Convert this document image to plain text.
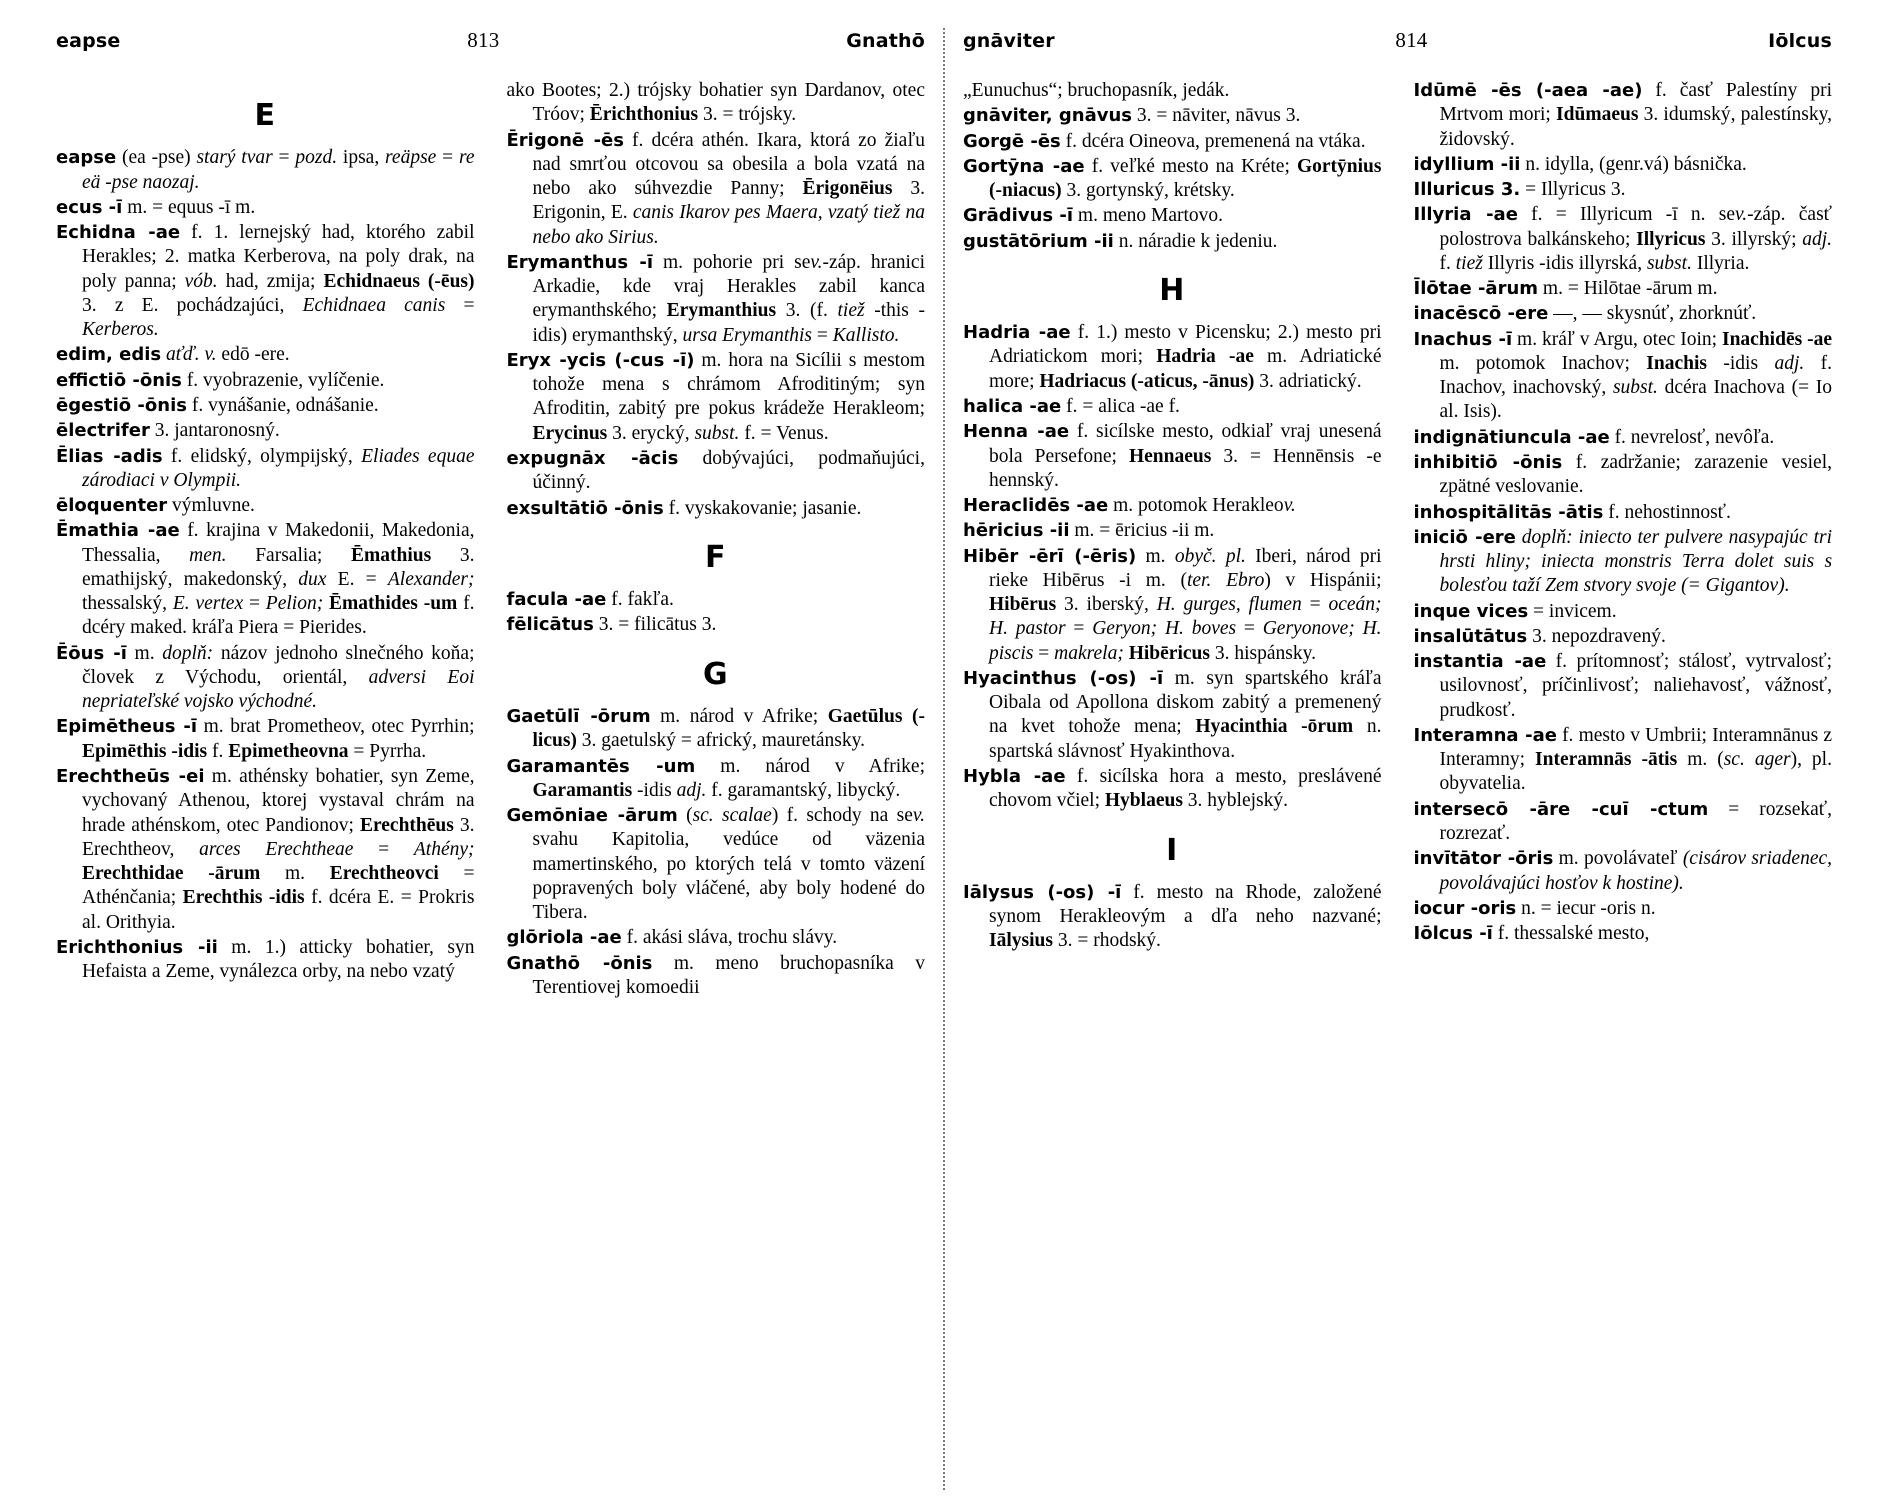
eapse	813	Gnathō
E

eapse (ea -pse) starý tvar = pozd. ipsa, reäpse = re eä -pse naozaj.

ecus -ī m. = equus -ī m.

Echidna -ae f. 1. lernejský had, ktorého zabil Herakles; 2. matka Kerberova, na poly drak, na poly panna; vób. had, zmija; Echidnaeus (-ēus) 3. z E. pochádzajúci, Echidnaea canis = Kerberos.

edim, edis aťď. v. edō -ere.

effictiō -ōnis f. vyobrazenie, vylíčenie.

ēgestiō -ōnis f. vynášanie, odnášanie.

ēlectrifer 3. jantaronosný.

Ēlias -adis f. elidský, olympijský, Eliades equae zárodiaci v Olympii.

ēloquenter výmluvne.

Ēmathia -ae f. krajina v Makedonii, Makedonia, Thessalia, men. Farsalia; Ēmathius 3. emathijský, makedonský, dux E. = Alexander; thessalský, E. vertex = Pelion; Ēmathides -um f. dcéry maked. kráľa Piera = Pierides.

Ēōus -ī m. doplň: názov jednoho slnečného koňa; človek z Východu, orientál, adversi Eoi nepriateľské vojsko východné.

Epimētheus -ī m. brat Prometheov, otec Pyrrhin; Epimēthis -idis f. Epimetheovna = Pyrrha.

Erechtheūs -ei m. athénsky bohatier, syn Zeme, vychovaný Athenou, ktorej vystaval chrám na hrade athénskom, otec Pandionov; Erechthēus 3. Erechtheov, arces Erechtheae = Athény; Erechthidae -ārum m. Erechtheovci = Athénčania; Erechthis -idis f. dcéra E. = Prokris al. Orithyia.

Erichthonius -ii m. 1.) atticky bohatier, syn Hefaista a Zeme, vynálezca orby, na nebo vzatý

ako Bootes; 2.) trójsky bohatier syn Dardanov, otec Tróov; Ērichthonius 3. = trójsky.

Ērigonē -ēs f. dcéra athén. Ikara, ktorá zo žiaľu nad smrťou otcovou sa obesila a bola vzatá na nebo ako súhvezdie Panny; Ērigonēius 3. Erigonin, E. canis Ikarov pes Maera, vzatý tiež na nebo ako Sirius.

Erymanthus -ī m. pohorie pri sev.-záp. hranici Arkadie, kde vraj Herakles zabil kanca erymanthského; Erymanthius 3. (f. tiež -this -idis) erymanthský, ursa Erymanthis = Kallisto.

Eryx -ycis (-cus -ī) m. hora na Sicílii s mestom tohože mena s chrámom Afroditiným; syn Afroditin, zabitý pre pokus krádeže Herakleom; Erycinus 3. erycký, subst. f. = Venus.

expugnāx -ācis dobývajúci, podmaňujúci, účinný.

exsultātiō -ōnis f. vyskakovanie; jasanie.

F

facula -ae f. fakľa.

fēlicātus 3. = filicātus 3.

G

Gaetūlī -ōrum m. národ v Afrike; Gaetūlus (-licus) 3. gaetulský = africký, mauretánsky.

Garamantēs -um m. národ v Afrike; Garamantis -idis adj. f. garamantský, libycký.

Gemōniae -ārum (sc. scalae) f. schody na sev. svahu Kapitolia, vedúce od väzenia mamertinského, po ktorých telá v tomto väzení popravených boly vláčené, aby boly hodené do Tibera.

glōriola -ae f. akási sláva, trochu slávy.

Gnathō -ōnis m. meno bruchopasníka v Terentiovej komoedii

gnāviter	814	Iōlcus

„Eunuchus“; bruchopasník, jedák.

gnāviter, gnāvus 3. = nāviter, nāvus 3.

Gorgē -ēs f. dcéra Oineova, premenená na vtáka.

Gortȳna -ae f. veľké mesto na Kréte; Gortȳnius (-niacus) 3. gortynský, krétsky.

Grādivus -ī m. meno Martovo.

gustātōrium -ii n. náradie k jedeniu.

H

Hadria -ae f. 1.) mesto v Picensku; 2.) mesto pri Adriatickom mori; Hadria -ae m. Adriatické more; Hadriacus (-aticus, -ānus) 3. adriatický.

halica -ae f. = alica -ae f.

Henna -ae f. sicílske mesto, odkiaľ vraj unesená bola Persefone; Hennaeus 3. = Hennēnsis -e hennský.

Heraclidēs -ae m. potomok Herakleov.

hēricius -ii m. = ēricius -ii m.

Hibēr -ērī (-ēris) m. obyč. pl. Iberi, národ pri rieke Hibērus -i m. (ter. Ebro) v Hispánii; Hibērus 3. iberský, H. gurges, flumen = oceán; H. pastor = Geryon; H. boves = Geryonove; H. piscis = makrela; Hibēricus 3. hispánsky.

Hyacinthus (-os) -ī m. syn spartského kráľa Oibala od Apollona diskom zabitý a premenený na kvet tohože mena; Hyacinthia -ōrum n. spartská slávnosť Hyakinthova.

Hybla -ae f. sicílska hora a mesto, preslávené chovom včiel; Hyblaeus 3. hyblejský.

I

Iālysus (-os) -ī f. mesto na Rhode, založené synom Herakleovým a dľa neho nazvané; Iālysius 3. = rhodský.

Idūmē -ēs (-aea -ae) f. časť Palestíny pri Mrtvom mori; Idūmaeus 3. idumský, palestínsky, židovský.

idyllium -ii n. idylla, (genr.vá) básnička.

Illuricus 3. = Illyricus 3.

Illyria -ae f. = Illyricum -ī n. sev.-záp. časť polostrova balkánskeho; Illyricus 3. illyrský; adj. f. tiež Illyris -idis illyrská, subst. Illyria.

Īlōtae -ārum m. = Hilōtae -ārum m.

inacēscō -ere —, — skysnúť, zhorknúť.

Inachus -ī m. kráľ v Argu, otec Ioin; Inachidēs -ae m. potomok Inachov; Inachis -idis adj. f. Inachov, inachovský, subst. dcéra Inachova (= Io al. Isis).

indignātiuncula -ae f. nevrelosť, nevôľa.

inhibitiō -ōnis f. zadržanie; zarazenie vesiel, zpätné veslovanie.

inhospitālitās -ātis f. nehostinnosť.

iniciō -ere doplň: iniecto ter pulvere nasypajúc tri hrsti hliny; iniecta monstris Terra dolet suis s bolesťou taží Zem stvory svoje (= Gigantov).

inque vices = invicem.

insalūtātus 3. nepozdravený.

instantia -ae f. prítomnosť; stálosť, vytrvalosť; usilovnosť, príčinlivosť; naliehavosť, vážnosť, prudkosť.

Interamna -ae f. mesto v Umbrii; Interamnānus z Interamny; Interamnās -ātis m. (sc. ager), pl. obyvatelia.

intersecō -āre -cuī -ctum = rozsekať, rozrezať.

invītātor -ōris m. povolávateľ (cisárov sriadenec, povolávajúci hosťov k hostine).

iocur -oris n. = iecur -oris n.

Iōlcus -ī f. thessalské mesto,
